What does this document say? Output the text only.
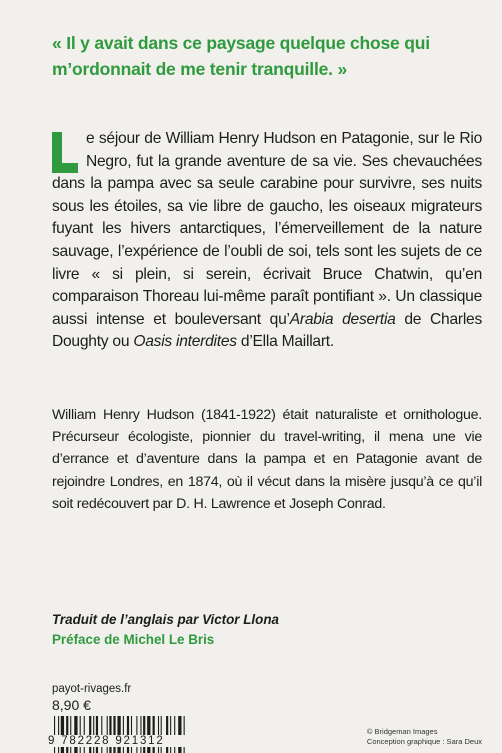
« Il y avait dans ce paysage quelque chose qui m’ordonnait de me tenir tranquille. »
e séjour de William Henry Hudson en Patagonie, sur le Rio Negro, fut la grande aventure de sa vie. Ses chevauchées dans la pampa avec sa seule carabine pour survivre, ses nuits sous les étoiles, sa vie libre de gaucho, les oiseaux migrateurs fuyant les hivers antarctiques, l’émerveillement de la nature sauvage, l’expérience de l’oubli de soi, tels sont les sujets de ce livre « si plein, si serein, écrivait Bruce Chatwin, qu’en comparaison Thoreau lui-même paraît pontifiant ». Un classique aussi intense et bouleversant qu’Arabia desertia de Charles Doughty ou Oasis interdites d’Ella Maillart.
William Henry Hudson (1841-1922) était naturaliste et ornithologue. Précurseur écologiste, pionnier du travel-writing, il mena une vie d’errance et d’aventure dans la pampa et en Patagonie avant de rejoindre Londres, en 1874, où il vécut dans la misère jusqu’à ce qu’il soit redécouvert par D. H. Lawrence et Joseph Conrad.
Traduit de l’anglais par Victor Llona
Préface de Michel Le Bris
payot-rivages.fr
8,90 €
9 782228 921312
© Bridgeman Images
Conception graphique : Sara Deux
